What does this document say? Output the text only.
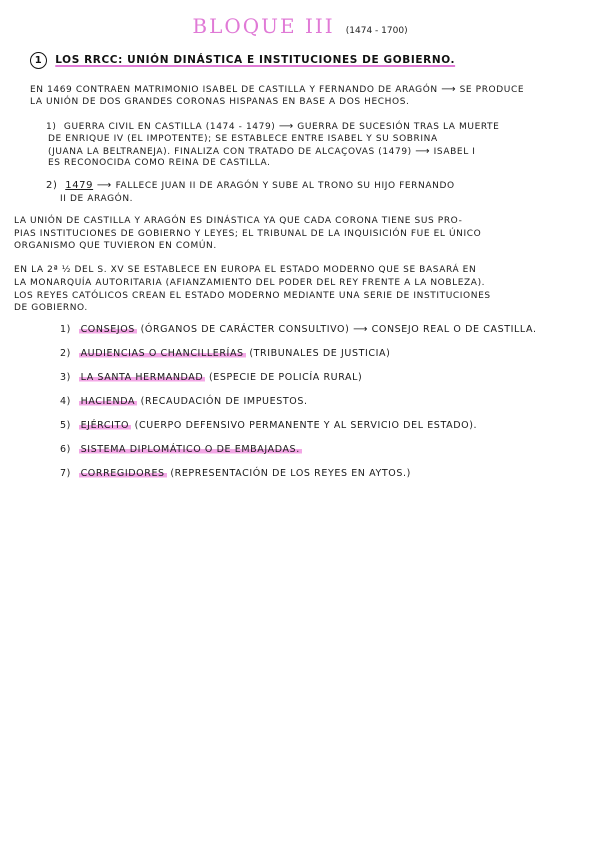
BLOQUE III (1474 - 1700)
1 LOS RRCC: UNIÓN DINÁSTICA E INSTITUCIONES DE GOBIERNO.
EN 1469 CONTRAEN MATRIMONIO ISABEL DE CASTILLA Y FERNANDO DE ARAGÓN ⟶ SE PRODUCE
LA UNIÓN DE DOS GRANDES CORONAS HISPANAS EN BASE A DOS HECHOS.
1) GUERRA CIVIL EN CASTILLA (1474 - 1479) ⟶ GUERRA DE SUCESIÓN TRAS LA MUERTE
DE ENRIQUE IV (EL IMPOTENTE); SE ESTABLECE ENTRE ISABEL Y SU SOBRINA
(JUANA LA BELTRANEJA). FINALIZA CON TRATADO DE ALCAÇOVAS (1479) ⟶ ISABEL I
ES RECONOCIDA COMO REINA DE CASTILLA.
2) 1479 ⟶ FALLECE JUAN II DE ARAGÓN Y SUBE AL TRONO SU HIJO FERNANDO
II DE ARAGÓN.
LA UNIÓN DE CASTILLA Y ARAGÓN ES DINÁSTICA YA QUE CADA CORONA TIENE SUS PRO-
PIAS INSTITUCIONES DE GOBIERNO Y LEYES; EL TRIBUNAL DE LA INQUISICIÓN FUE EL ÚNICO
ORGANISMO QUE TUVIERON EN COMÚN.
EN LA 2ª ½ DEL S. XV SE ESTABLECE EN EUROPA EL ESTADO MODERNO QUE SE BASARÁ EN
LA MONARQUÍA AUTORITARIA (AFIANZAMIENTO DEL PODER DEL REY FRENTE A LA NOBLEZA).
LOS REYES CATÓLICOS CREAN EL ESTADO MODERNO MEDIANTE UNA SERIE DE INSTITUCIONES
DE GOBIERNO.
1) CONSEJOS (ÓRGANOS DE CARÁCTER CONSULTIVO) ⟶ CONSEJO REAL O DE CASTILLA.
2) AUDIENCIAS O CHANCILLERÍAS (TRIBUNALES DE JUSTICIA)
3) LA SANTA HERMANDAD (ESPECIE DE POLICÍA RURAL)
4) HACIENDA (RECAUDACIÓN DE IMPUESTOS.
5) EJÉRCITO (CUERPO DEFENSIVO PERMANENTE Y AL SERVICIO DEL ESTADO).
6) SISTEMA DIPLOMÁTICO O DE EMBAJADAS.
7) CORREGIDORES (REPRESENTACIÓN DE LOS REYES EN AYTOS.)
